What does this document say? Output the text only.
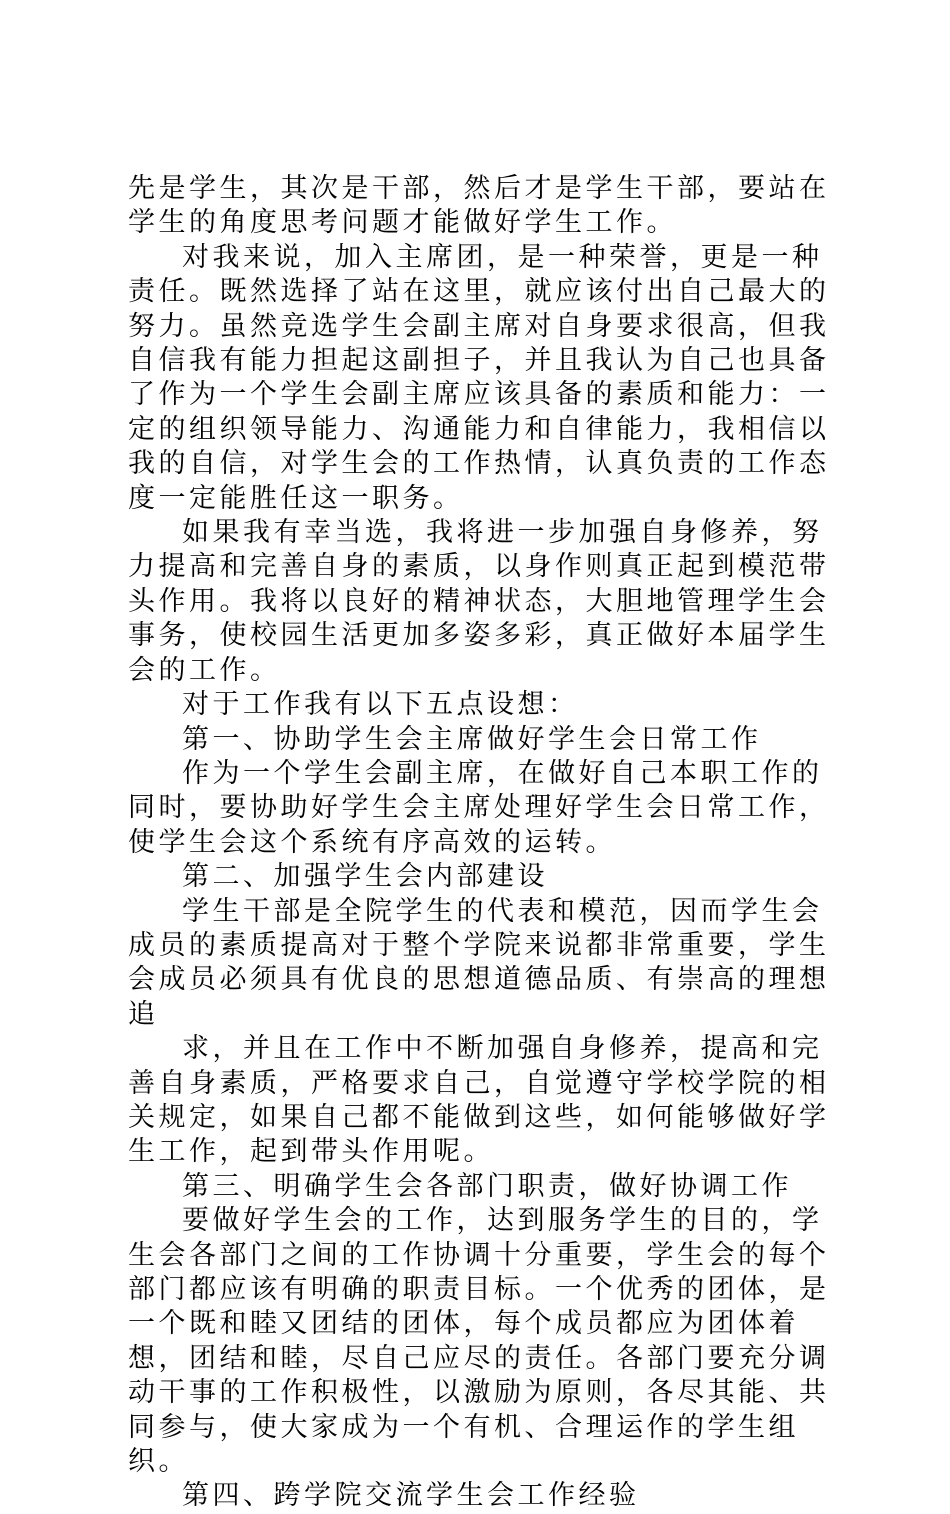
先是学生，其次是干部，然后才是学生干部，要站在学生的角度思考问题才能做好学生工作。

对我来说，加入主席团，是一种荣誉，更是一种责任。既然选择了站在这里，就应该付出自己最大的努力。虽然竞选学生会副主席对自身要求很高，但我自信我有能力担起这副担子，并且我认为自己也具备了作为一个学生会副主席应该具备的素质和能力：一定的组织领导能力、沟通能力和自律能力，我相信以我的自信，对学生会的工作热情，认真负责的工作态度一定能胜任这一职务。

如果我有幸当选，我将进一步加强自身修养，努力提高和完善自身的素质，以身作则真正起到模范带头作用。我将以良好的精神状态，大胆地管理学生会事务，使校园生活更加多姿多彩，真正做好本届学生会的工作。

对于工作我有以下五点设想：

第一、协助学生会主席做好学生会日常工作

作为一个学生会副主席，在做好自己本职工作的同时，要协助好学生会主席处理好学生会日常工作，使学生会这个系统有序高效的运转。

第二、加强学生会内部建设

学生干部是全院学生的代表和模范，因而学生会成员的素质提高对于整个学院来说都非常重要，学生会成员必须具有优良的思想道德品质、有崇高的理想追

求，并且在工作中不断加强自身修养，提高和完善自身素质，严格要求自己，自觉遵守学校学院的相关规定，如果自己都不能做到这些，如何能够做好学生工作，起到带头作用呢。

第三、明确学生会各部门职责，做好协调工作

要做好学生会的工作，达到服务学生的目的，学生会各部门之间的工作协调十分重要，学生会的每个部门都应该有明确的职责目标。一个优秀的团体，是一个既和睦又团结的团体，每个成员都应为团体着想，团结和睦，尽自己应尽的责任。各部门要充分调动干事的工作积极性，以激励为原则，各尽其能、共同参与，使大家成为一个有机、合理运作的学生组织。

第四、跨学院交流学生会工作经验
